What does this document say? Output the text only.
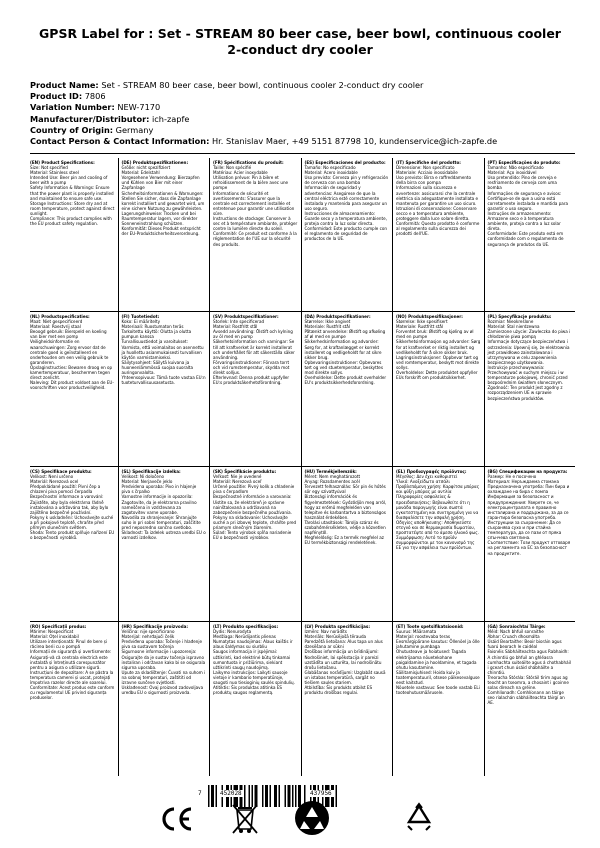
GPSR Label for : Set - STREAM 80 beer case, beer bowl, continuous cooler 2-conduct dry cooler
Product Name: Set - STREAM 80 beer case, beer bowl, continuous cooler 2-conduct dry cooler
Product ID: 7806
Variation Number: NEW-7170
Manufacturer/Distributor: ich-zapfe
Country of Origin: Germany
Contact Person & Contact Information: Hr. Stanislav Maer, +49 5151 87798 10, kundenservice@ich-zapfe.de
(EN) Product Specifications:
Size: Not specified
Material: Stainless steel
Intended Use: Beer pin and cooling of beer with a pump
Safety Information & Warnings: Ensure that the power plant is properly installed and maintained to ensure safe use.
Storage Instructions: Store dry and at room temperature, protect against direct sunlight.
Compliance: This product complies with the EU product safety regulation.
(DE) Produktspezifikationen:
Größe: nicht spezifiziert
Material: Edelstahl
Vorgesehene Verwendung: Bierzapfen und Kühlen von Bier mit einer Zapfanlage
Sicherheitsinformationen & Warnungen: Stellen Sie sicher, dass die Zapfanlage korrekt installiert und gewartet wird, um eine sichere Nutzung zu gewährleisten.
Lagerungshinweise: Trocken und bei Raumtemperatur lagern, vor direkter Sonneneinstrahlung schützen.
Konformität: Dieses Produkt entspricht der EU-Produktsicherheitsverordnung.
(FR) Spécifications du produit:
Taille: Non spécifié
Matériau: Acier inoxydable
Utilisation prévue: Pin à bière et refroidissement de la bière avec une pompe
Informations de sécurité et avertissements: S'assurer que la centrale est correctement installée et entretenue pour garantir une utilisation sûre.
Instructions de stockage: Conserver à sec et à température ambiante, protéger contre la lumière directe du soleil.
Conformité: Ce produit est conforme à la réglementation de l'UE sur la sécurité des produits.
(ES) Especificaciones del producto:
Tamaño: No especificado
Material: Acero inoxidable
Uso previsto: Cerveza pin y refrigeración de cerveza con una bomba
Información de seguridad y advertencias: Asegúrese de que la central eléctrica esté correctamente instalada y mantenida para asegurar un uso seguro.
Instrucciones de almacenamiento: Guarde seco y a temperatura ambiente, proteja contra la luz solar directa.
Conformidad: Este producto cumple con el reglamento de seguridad de productos de la UE.
(IT) Specifiche del prodotto:
Dimensione: Non specificato
Materiale: Acciaio inossidabile
Uso previsto: Birra e raffreddamento della birra con pompa
Informazioni sulla sicurezza e avvertenze: assicurarsi che la centrale elettrica sia adeguatamente installata e mantenuta per garantire un uso sicuro.
Istruzioni di conservazione: Conservare secco e a temperatura ambiente, proteggere dalla luce solare diretta.
Conformità: Questo prodotto è conforme al regolamento sulla sicurezza dei prodotti dell'UE.
(PT) Especificações do produto:
Tamanho: Não especificado
Material: Aço inoxidável
Uso pretendido: Pino de cerveja e resfriamento de cerveja com uma bomba
Informações de segurança e avisos: Certifique-se de que a usina está corretamente instalada e mantida para garantir o uso seguro.
Instruções de armazenamento: Armazene seco e à temperatura ambiente, proteja contra a luz solar direta.
Conformidade: Este produto está em conformidade com o regulamento de segurança de produtos da UE.
(NL) Productspecificaties:
Maat: Niet gespecificeerd
Materiaal: Roestvrij staal
Beoogd gebruik: Bierspeld en koeling van bier met een pomp
Veiligheidsinformatie en waarschuwingen: Zorg ervoor dat de centrale goed is geïnstalleerd en onderhouden om een veilig gebruik te garanderen.
Opslaginstructies: Bewaren droog en op kamertemperatuur, beschermen tegen direct zonlicht.
Naleving: Dit product voldoet aan de EU-voorschriften voor productveiligheid.
(FI) Tuotetiedot:
Koko: Ei määritelty
Materiaali: Ruostumaton teräs
Tarkoitettu käyttö: Olutta ja olutta pumpun kanssa
Turvallisuustiedot ja varoitukset: Varmista, että voimalaitos on asennettu ja huollettu asianmukaisesti turvallisen käytön varmistamiseksi.
Säilytysohjeet: Säilytä kuivana ja huoneenlämmössä suojaa suoralta auringonvalolta.
Yhteensopivuus: Tämä tuote vastaa EU:n tuoteturvallisuusasetusta.
(SV) Produktspecifikationer:
Storlek: Inte specificerad
Material: Rostfritt stål
Avsedd användning: Ölstift och kylning av öl med en pump
Säkerhetsinformation och varningar: Se till att kraftverket är korrekt installerat och underhållet för att säkerställa säker användning.
Förvaringsinstruktioner: Förvara torrt och vid rumstemperatur, skydda mot direkt solljus.
Efterlevnad: Denna produkt uppfyller EU:s produktsäkerhetsförordning.
(DA) Produktspecifikationer:
Størrelse: Ikke angivet
Materiale: Rustfrit stål
Påtænkt anvendelse: Ølstift og afkøling af øl med en pumpe
Sikkerhedsinformation og advarsler: Sørg for, at kraftanlægget er korrekt installeret og vedligeholdt for at sikre sikker brug.
Opbevaringsinstruktioner: Opbevares tørt og ved stuetemperatur, beskyttes mod direkte sollys.
Overholdelse: Dette produkt overholder EU's produktsikkerhedsforordning.
(NO) Produktspesifikasjoner:
Størrelse: Ikke spesifisert
Materiale: Rustfritt stål
Forventet bruk: Ølstift og kjøling av øl med en pumpe
Sikkerhetsinformasjon og advarsler: Sørg for at kraftverket er riktig installert og vedlikeholdt for å sikre sikker bruk.
Lagringsinstruksjoner: Oppbevar tørt og ved romtemperatur, beskytt mot direkte sollys.
Overholdelse: Dette produktet oppfyller EUs forskrift om produktsikkerhet.
(PL) Specyfikacje produktu:
Rozmiar: Nieokreślone
Materiał: Stal nierdzewna
Zamierzone użycie: Zawleczka do piwa i chłodzenie piwa pompą
Informacje dotyczące bezpieczeństwa i ostrzeżenia: Upewnij się, że elektrownia jest prawidłowo zainstalowana i utrzymywana w celu zapewnienia bezpiecznego użytkowania.
Instrukcje przechowywania: Przechowywać w suchym miejscu i w temperaturze pokojowej, chronić przed bezpośrednim światłem słonecznym.
Zgodność: Ten produkt jest zgodny z rozporządzeniem UE w sprawie bezpieczeństwa produktów.
(CS) Specifikace produktu:
Velikost: Není určeno
Materiál: Nerezová ocel
Předpokládané použití: Pivní čep a chlazení piva pomocí čerpadla
Bezpečnostní informace a varování: Zajistěte, aby byla elektrárna řádně instalována a udržována tak, aby bylo zajištěno bezpečné používání.
Pokyny k uskladnění: Uchovávejte suché a při pokojové teplotě, chraňte před přímým slunečním světlem.
Shoda: Tento produkt splňuje nařízení EU o bezpečnosti výrobků.
(SL) Specifikacije izdelka:
Velikost: Ni določeno
Material: Nerjaveče jeklo
Predvidena uporaba: Pivo in hlajenje piva s črpalko
Varnostne informacije in opozorila: Zagotovite, da je elektrarna pravilno nameščena in vzdrževana za zagotovitev varne uporabe.
Navodila za shranjevanje: Shranjujte suho in pri sobni temperaturi, zaščitite pred neposredno sončno svetlobo.
Skladnost: Ta izdelek ustreza uredbi EU o varnosti izdelkov.
(SK) Špecifikácie produktu:
Veľkosť: Nie je uvedené
Materiál: Nerezová oceľ
Určené použitie: Pivný kolík a chladenie piva s čerpadlom
Bezpečnostné informácie a varovania: Uistite sa, že elektráreň je správne nainštalovaná a udržiavaná na zabezpečenie bezpečného používania.
Pokyny na skladovanie: Uchovávajte suché a pri izbovej teplote, chráňte pred priamym slnečným žiarením.
Súlad: Tento výrobok spĺňa nariadenie EÚ o bezpečnosti výrobkov.
(HU) Termékjellemzők:
Méret: Nem meghatározott
Anyag: Rozsdamentes acél
Tervezett felhasználás: Sör pin és hűtés sör egy szivattyúval
Biztonsági információk és figyelmeztetések: Győződjön meg arról, hogy az erőmű megfelelően van telepítve és karbantartva a biztonságos használat érdekében.
Tárolási utasítások: Tárolja száraz és szobahőmérsékleten, védje a közvetlen napfénytől.
Megfelelőség: Ez a termék megfelel az EU termékbiztonsági rendeletének.
(EL) Προδιαγραφές προϊόντος:
Μέγεθος: Δεν έχει καθοριστεί
Υλικό: Ανοξείδωτο ατσάλι
Προβλεπόμενη χρήση: Καρφίτσα μπύρας και ψύξη μπύρας με αντλία
Πληροφορίες ασφαλείας & προειδοποιήσεις: Βεβαιωθείτε ότι η μονάδα παραγωγής είναι σωστά εγκατεστημένη και συντηρημένη για να διασφαλίσετε την ασφαλή χρήση.
Οδηγίες αποθήκευσης: Αποθηκεύστε στεγνό και σε θερμοκρασία δωματίου, προστατέψτε από το άμεσο ηλιακό φως.
Συμμόρφωση: Αυτό το προϊόν συμμορφώνεται με τον κανονισμό της ΕΕ για την ασφάλεια των προϊόντων.
(BG) Спецификации на продукта:
Размер: Не е посочено
Материал: Неръждаема стомана
Предназначена употреба: Пин бира и охлаждане на бира с помпа
Информация за безопасност и предупреждения: Уверете се, че електроцентралата е правилно инсталирана и поддържана, за да се гарантира безопасна употреба.
Инструкции за съхранение: Да се съхранява сухо и при стайна температура, да се пази от пряка слънчева светлина.
Съответствие: Този продукт отговаря на регламента на ЕС за безопасност на продуктите.
(RO) Specificații produs:
Mărime: Nespecificat
Material: Oțel inoxidabil
Utilizare intenționată: Pinul de bere și răcirea berii cu o pompă
Informații de siguranță și avertismente: Asigurați-vă că centrala electrică este instalată și întreținută corespunzător pentru a asigura o utilizare sigură.
Instrucțiuni de depozitare: A se păstra la temperatura camerei și uscat, protejați împotriva razelor directe ale soarelui.
Conformitate: Acest produs este conform cu regulamentul UE privind siguranța produselor.
(HR) Specifikacije proizvoda:
Veličina: nije specificirano
Materijal: nehrđajući čelik
Predviđena uporaba: Točenje i hlađenje piva sa sustavom točenja
Sigurnosne informacije i upozorenja: Osigurajte da je sustav točenja ispravno instaliran i održavan kako bi se osigurala sigurna uporaba.
Upute za skladištenje: Čuvati na suhom i na sobnoj temperaturi, zaštititi od izravne sunčeve svjetlosti.
Usklađenost: Ovaj proizvod zadovoljava uredbu EU o sigurnosti proizvoda.
(LT) Produkto specifikacijos:
Dydis: Nenurodyta
Medžiaga: Nerūdijantis plienas
Numatytas naudojimas: Alaus kaištis ir alaus šaldymas su siurbliu
Saugos informacija ir įspėjimai: užtikrinti, kad elektrinė būtų tinkamai sumontuota ir prižiūrima, siekiant užtikrinti saugų naudojimą.
Laikymo instrukcijos: Laikyti sausoje vietoje ir kambario temperatūroje, saugoti nuo tiesioginių saulės spindulių.
Atitiktis: Šis produktas atitinka ES produktų saugos reglamentą.
(LV) Produkta specifikācijas:
Izmērs: Nav norādīts
Materiāls: Nerūsējošā tērauda
Paredzētā lietošana: Alus tapa un alus dzesēšana ar sūkni
Drošības informācija un brīdinājumi: Nodrošiniet, lai spēkstacija ir pareizi uzstādīta un uzturēta, lai nodrošinātu drošu lietošanu.
Glabāšanas norādījumi: Uzglabāt sausā un istabas temperatūrā, sargāt no tiešiem saules stariem.
Atbilstība: Šis produkts atbilst ES produktu drošības regulai.
(ET) Toote spetsifikatsioonid:
Suurus: Määramata
Materjal: roostevaba teras
Eesmärgipärane kasutus: Õllenõel ja õlle jahutamine pumbaga
Ohutusteave ja hoiatused: Tagada elektrijaama nõuetekohane paigaldamine ja hooldamine, et tagada ohutu kasutamine.
Säilitamisjuhised: Hoida kuiv ja toatemperatuuril, otsese päikesevalguse eest kaitstud.
Nõuetele vastavus: See toode vastab ELi tooteohutusmäärusele.
(GA) Sonraíochtaí Táirge:
Méid: Nach bhfuil sonraithe
Ábhar: Cruach dhosmálta
Úsáid Beartaithe: Beoir bioráin agus fuarú beorach le caidéal
Faisnéis Sábháilteachta agus Rabhaidh: A chinntiú go bhfuil an ghléasra cumhachta suiteáilte agus á chothabháil i gceart chun úsáid shábháilte a chinntiú.
Treoracha Stórála: Stóráil tirim agus ag teocht an tseomra, a chosaint i gcoinne solas díreach na gréine.
Comhlíonadh: Comhlíonann an táirge seo rialachán sábháilteachta táirgí an AE.
7	452028	437956
